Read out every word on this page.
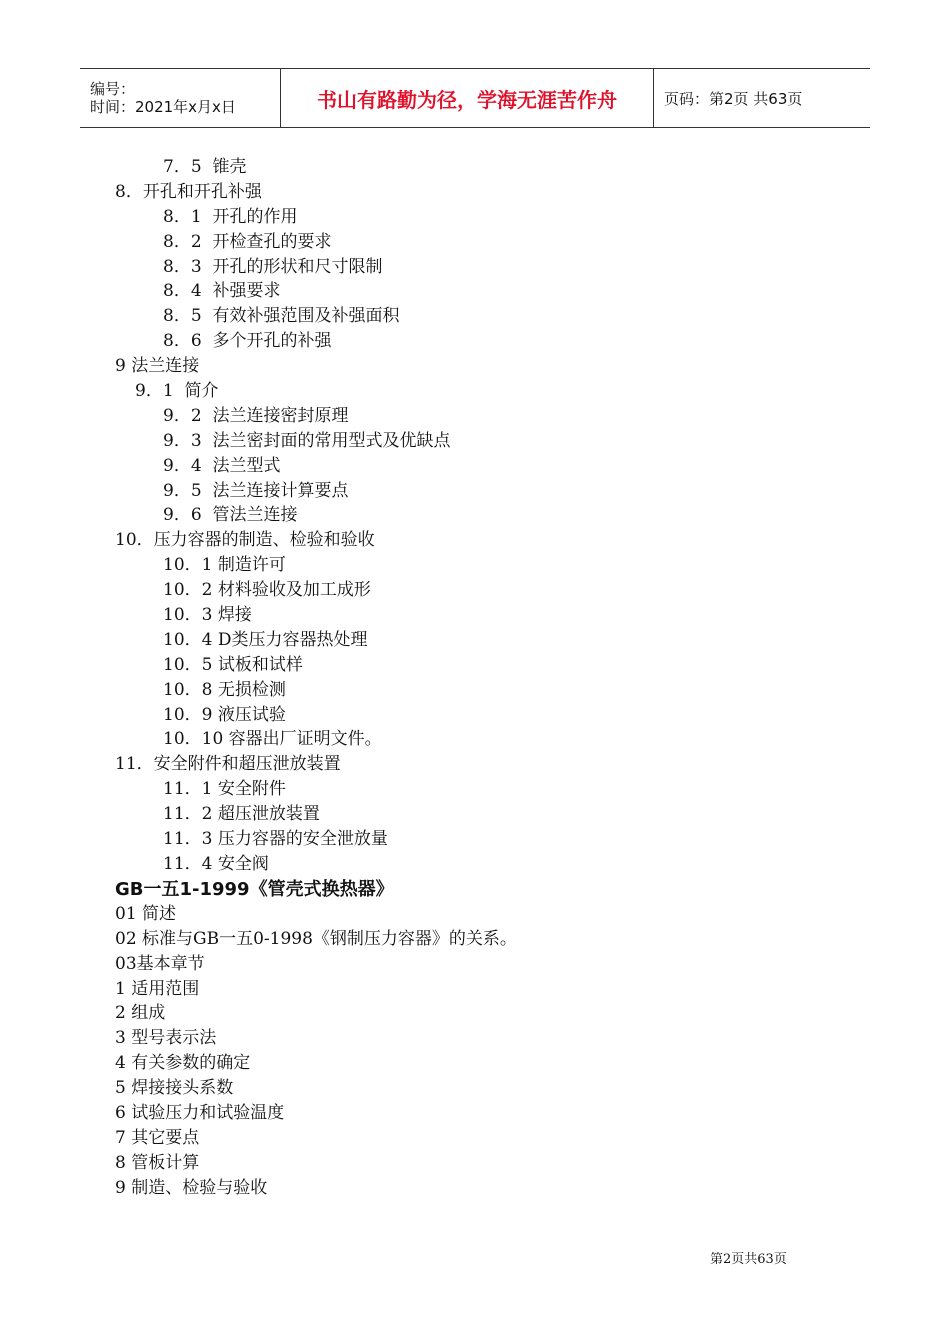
编号：
时间：2021年x月x日	书山有路勤为径，学海无涯苦作舟	页码：第2页 共63页
7．5  锥壳
8．开孔和开孔补强
8．1  开孔的作用
8．2  开检查孔的要求
8．3  开孔的形状和尺寸限制
8．4  补强要求
8．5  有效补强范围及补强面积
8．6  多个开孔的补强
9 法兰连接
9．1  简介
9．2  法兰连接密封原理
9．3  法兰密封面的常用型式及优缺点
9．4  法兰型式
9．5  法兰连接计算要点
9．6  管法兰连接
10．压力容器的制造、检验和验收
10．1 制造许可
10．2 材料验收及加工成形
10．3 焊接
10．4 D类压力容器热处理
10．5 试板和试样
10．8 无损检测
10．9 液压试验
10．10 容器出厂证明文件。
11．安全附件和超压泄放装置
11．1 安全附件
11．2 超压泄放装置
11．3 压力容器的安全泄放量
11．4 安全阀
GB一五1-1999《管壳式换热器》
01 简述
02 标准与GB一五0-1998《钢制压力容器》的关系。
03基本章节
1 适用范围
2 组成
3 型号表示法
4 有关参数的确定
5 焊接接头系数
6 试验压力和试验温度
7 其它要点
8 管板计算
9 制造、检验与验收
第2页共63页
